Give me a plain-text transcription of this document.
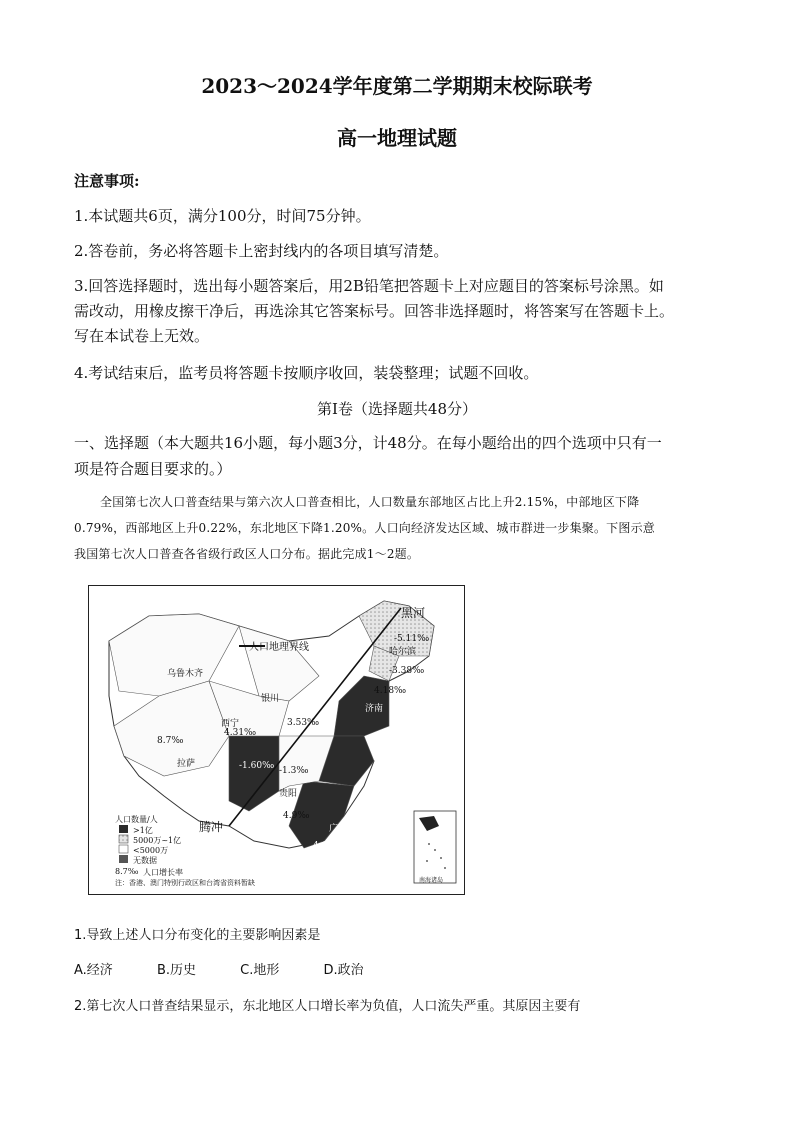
2023～2024学年度第二学期期末校际联考
高一地理试题
注意事项:
1.本试题共6页，满分100分，时间75分钟。
2.答卷前，务必将答题卡上密封线内的各项目填写清楚。
3.回答选择题时，选出每小题答案后，用2B铅笔把答题卡上对应题目的答案标号涂黑。如
需改动，用橡皮擦干净后，再选涂其它答案标号。回答非选择题时，将答案写在答题卡上。
写在本试卷上无效。
4.考试结束后，监考员将答题卡按顺序收回，装袋整理；试题不回收。
第Ⅰ卷（选择题共48分）
一、选择题（本大题共16小题，每小题3分，计48分。在每小题给出的四个选项中只有一
项是符合题目要求的。）
全国第七次人口普查结果与第六次人口普查相比，人口数量东部地区占比上升2.15%，中部地区下降
0.79%，西部地区上升0.22%，东北地区下降1.20%。人口向经济发达区域、城市群进一步集聚。下图示意
我国第七次人口普查各省级行政区人口分布。据此完成1～2题。
人口地理界线
黑河
腾冲
乌鲁木齐
拉萨
西宁
银川
哈尔滨
济南
贵阳
广州
-5.11‰
-3.38‰
4.18‰
3.53‰
4.31‰
8.7‰
-1.60‰ -1.3‰
4.9‰
4.62‰
人口数量/人
>1亿
5000万~1亿
<5000万
无数据
8.7‰ 人口增长率
注：香港、澳门特别行政区和台湾省资料暂缺	南海诸岛
1.导致上述人口分布变化的主要影响因素是
A.经济	B.历史	C.地形	D.政治
2.第七次人口普查结果显示，东北地区人口增长率为负值，人口流失严重。其原因主要有
